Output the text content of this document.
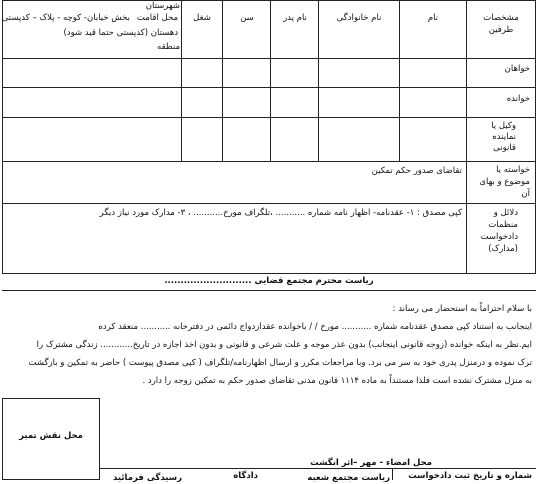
مشخصات طرفین
نام
نام خانوادگی
نام پدر
سن
شغل
محل اقامت
شهرستان
بخش خیابان- کوچه - پلاک – کدپستی
دهستان (کدپستی حتما قید شود)
منطقه
خواهان
خوانده
وکیل یا نماینده قانونی
خواسته یا موضوع و بهای آن
تقاضای صدور حکم تمکین
دلائل و منظمات دادخواست (مدارک)
کپی مصدق : ۱- عقدنامه- اظهار نامه شماره ........... ،تلگراف مورخ........... ، ۳- مدارک مورد نیاز دیگر
ریاست محترم مجتمع قضایی ...........................
با سلام احتراماً به استحضار می رساند :
اینجانب به استناد کپی مصدق عقدنامه شماره ........... مورخ / / باخوانده عقدازدواج دائمی در دفترخانه ........... منعقد کرده
ایم.نظر به اینکه خوانده (زوجه قانونی اینجانب) بدون عذر موجه و علت شرعی و قانونی و بدون اخذ اجازه در تاریخ............ زندگی مشترک را
ترک نموده و درمنزل پدری خود به سر می برد. وبا مراجعات مکرر و ارسال اظهارنامه/تلگراف ( کپی مصدق پیوست ) حاضر به تمکین و بازگشت
به منزل مشترک نشده است فلذا مستنداً به ماده ۱۱۱۴ قانون مدنی تقاضای صدور حکم به تمکین زوجه را دارد .
محل نقش تمبر
محل امضاء - مهر –اثر انگشت
شماره و تاریخ ثبت دادخواست
ریاست مجتمع شعبه
دادگاه
رسیدگی فرمائید
